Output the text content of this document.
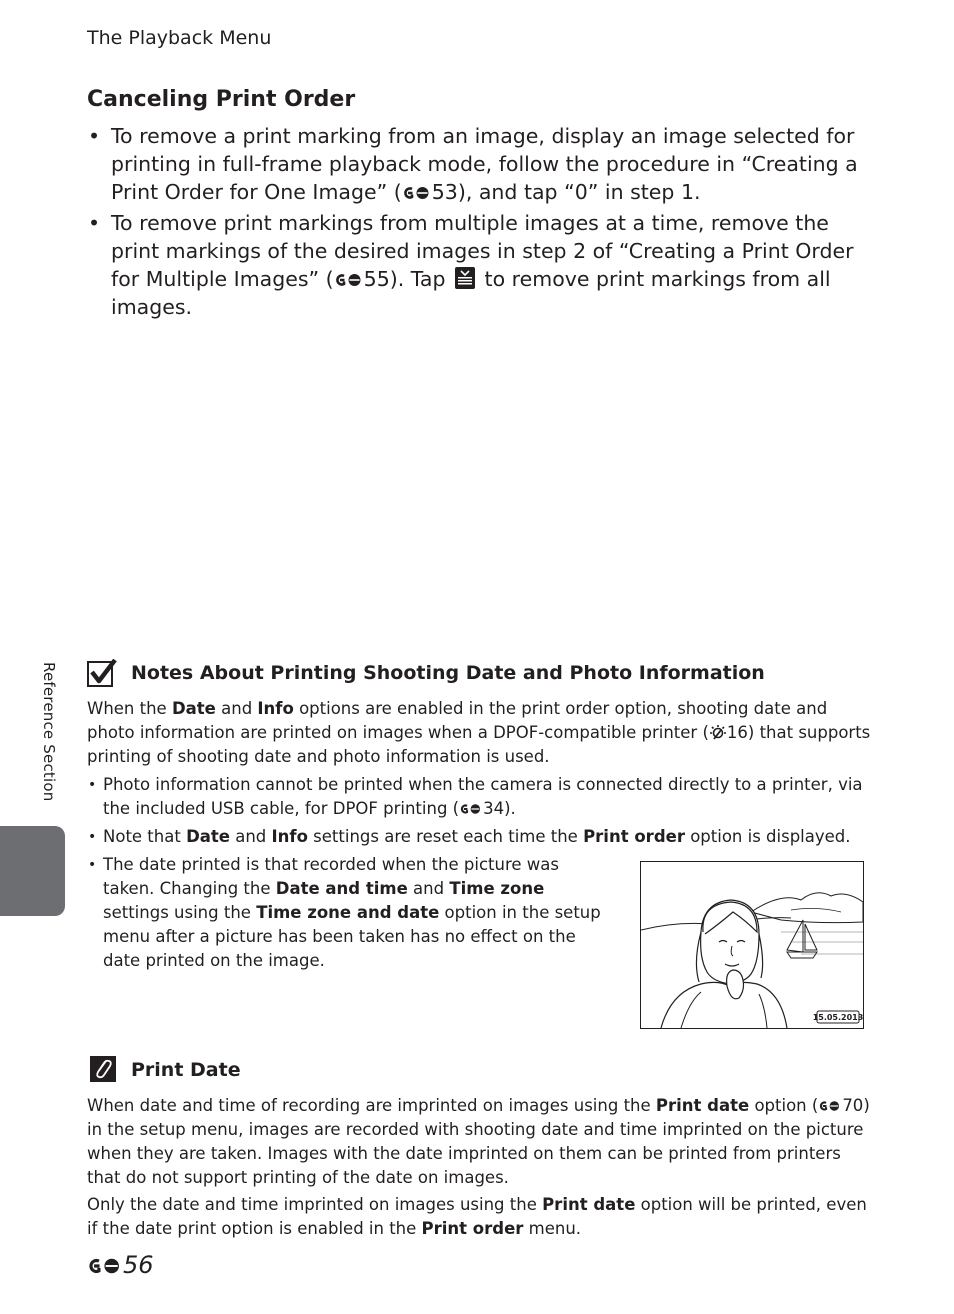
The Playback Menu
Canceling Print Order
• To remove a print marking from an image, display an image selected for printing in full-frame playback mode, follow the procedure in “Creating a Print Order for One Image” ( 53), and tap “0” in step 1.
• To remove print markings from multiple images at a time, remove the print markings of the desired images in step 2 of “Creating a Print Order for Multiple Images” ( 55). Tap  to remove print markings from all images.
Reference Section	Notes About Printing Shooting Date and Photo Information

When the Date and Info options are enabled in the print order option, shooting date and photo information are printed on images when a DPOF-compatible printer ( 16) that supports printing of shooting date and photo information is used.

• Photo information cannot be printed when the camera is connected directly to a printer, via the included USB cable, for DPOF printing ( 34).
• Note that Date and Info settings are reset each time the Print order option is displayed.
• The date printed is that recorded when the picture was taken. Changing the Date and time and Time zone settings using the Time zone and date option in the setup menu after a picture has been taken has no effect on the date printed on the image.
15.05.2013
Print Date

When date and time of recording are imprinted on images using the Print date option ( 70) in the setup menu, images are recorded with shooting date and time imprinted on the picture when they are taken. Images with the date imprinted on them can be printed from printers that do not support printing of the date on images.

Only the date and time imprinted on images using the Print date option will be printed, even if the date print option is enabled in the Print order menu.

56
